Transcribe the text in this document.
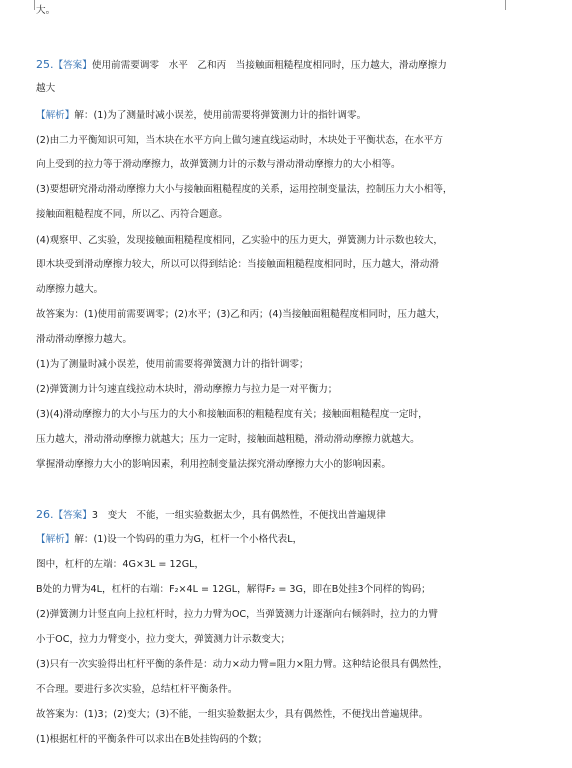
大。
25.【答案】使用前需要调零　水平　乙和丙　当接触面粗糙程度相同时，压力越大，滑动摩擦力
越大
【解析】解：(1)为了测量时减小误差，使用前需要将弹簧测力计的指针调零。
(2)由二力平衡知识可知，当木块在水平方向上做匀速直线运动时，木块处于平衡状态，在水平方
向上受到的拉力等于滑动摩擦力，故弹簧测力计的示数与滑动滑动摩擦力的大小相等。
(3)要想研究滑动滑动摩擦力大小与接触面粗糙程度的关系，运用控制变量法，控制压力大小相等，
接触面粗糙程度不同，所以乙、丙符合题意。
(4)观察甲、乙实验，发现接触面粗糙程度相同，乙实验中的压力更大，弹簧测力计示数也较大，
即木块受到滑动摩擦力较大，所以可以得到结论：当接触面粗糙程度相同时，压力越大，滑动滑
动摩擦力越大。
故答案为：(1)使用前需要调零；(2)水平；(3)乙和丙；(4)当接触面粗糙程度相同时，压力越大，
滑动滑动摩擦力越大。
(1)为了测量时减小误差，使用前需要将弹簧测力计的指针调零；
(2)弹簧测力计匀速直线拉动木块时，滑动摩擦力与拉力是一对平衡力；
(3)(4)滑动摩擦力的大小与压力的大小和接触面积的粗糙程度有关；接触面粗糙程度一定时，
压力越大，滑动滑动摩擦力就越大；压力一定时，接触面越粗糙，滑动滑动摩擦力就越大。
掌握滑动摩擦力大小的影响因素，利用控制变量法探究滑动摩擦力大小的影响因素。
26.【答案】3　变大　不能，一组实验数据太少，具有偶然性，不便找出普遍规律
【解析】解：(1)设一个钩码的重力为G，杠杆一个小格代表L，
图中，杠杆的左端：4G×3L = 12GL，
B处的力臂为4L，杠杆的右端：F₂×4L = 12GL，解得F₂ = 3G，即在B处挂3个同样的钩码；
(2)弹簧测力计竖直向上拉杠杆时，拉力力臂为OC，当弹簧测力计逐渐向右倾斜时，拉力的力臂
小于OC，拉力力臂变小，拉力变大，弹簧测力计示数变大；
(3)只有一次实验得出杠杆平衡的条件是：动力×动力臂=阻力×阻力臂。这种结论很具有偶然性，
不合理。要进行多次实验，总结杠杆平衡条件。
故答案为：(1)3；(2)变大；(3)不能，一组实验数据太少，具有偶然性，不便找出普遍规律。
(1)根据杠杆的平衡条件可以求出在B处挂钩码的个数；
